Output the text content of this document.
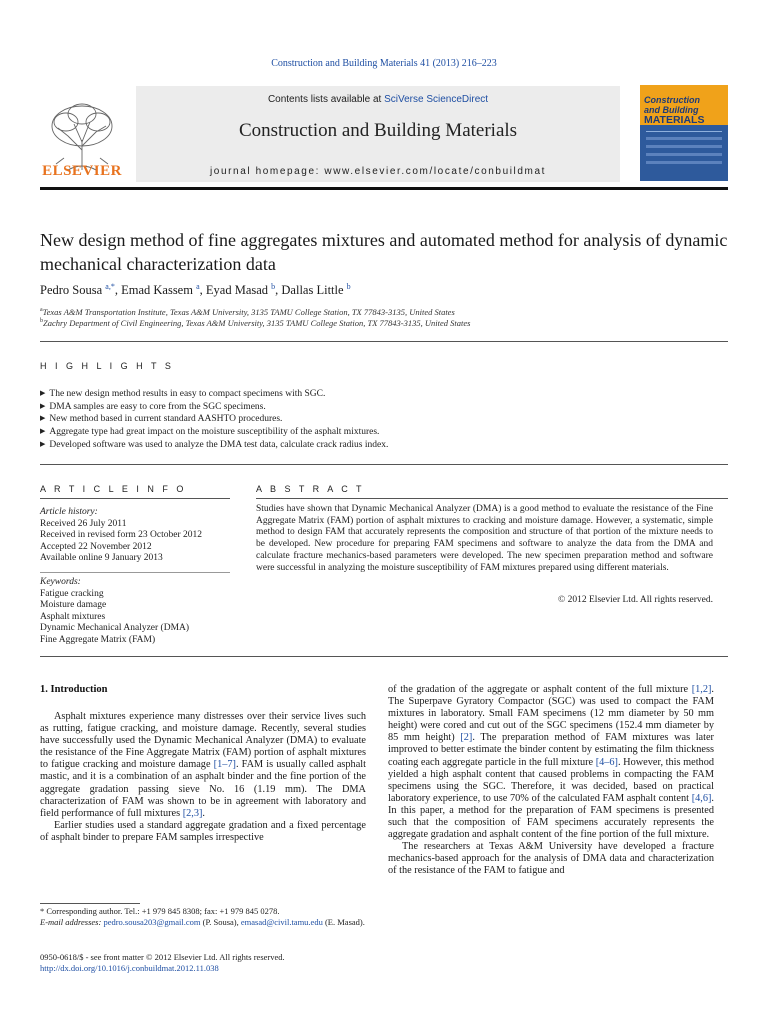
Construction and Building Materials 41 (2013) 216–223
Contents lists available at SciVerse ScienceDirect
Construction and Building Materials
journal homepage: www.elsevier.com/locate/conbuildmat
ELSEVIER
Construction
and Building
MATERIALS
New design method of fine aggregates mixtures and automated method for analysis of dynamic mechanical characterization data
Pedro Sousa $^{a,*}$, Emad Kassem $^a$, Eyad Masad $^b$, Dallas Little $^b$
$^a$Texas A&M Transportation Institute, Texas A&M University, 3135 TAMU College Station, TX 77843-3135, United States
$^b$Zachry Department of Civil Engineering, Texas A&M University, 3135 TAMU College Station, TX 77843-3135, United States
H I G H L I G H T S
▶ The new design method results in easy to compact specimens with SGC.
▶ DMA samples are easy to core from the SGC specimens.
▶ New method based in current standard AASHTO procedures.
▶ Aggregate type had great impact on the moisture susceptibility of the asphalt mixtures.
▶ Developed software was used to analyze the DMA test data, calculate crack radius index.
A R T I C L E I N F O	A B S T R A C T
Article history:
Received 26 July 2011
Received in revised form 23 October 2012
Accepted 22 November 2012
Available online 9 January 2013
Keywords:
Fatigue cracking
Moisture damage
Asphalt mixtures
Dynamic Mechanical Analyzer (DMA)
Fine Aggregate Matrix (FAM)
Studies have shown that Dynamic Mechanical Analyzer (DMA) is a good method to evaluate the resistance of the Fine Aggregate Matrix (FAM) portion of asphalt mixtures to cracking and moisture damage. However, a systematic, simple method to design FAM that accurately represents the composition and structure of that portion of the mixture needs to be developed. New procedure for preparing FAM specimens and software to analyze the data from the DMA and calculate fracture mechanics-based parameters were developed. The new specimen preparation method and software were successful in analyzing the moisture susceptibility of FAM mixtures prepared using different materials.
© 2012 Elsevier Ltd. All rights reserved.
1. Introduction

Asphalt mixtures experience many distresses over their service lives such as rutting, fatigue cracking, and moisture damage. Recently, several studies have successfully used the Dynamic Mechanical Analyzer (DMA) to evaluate the resistance of the Fine Aggregate Matrix (FAM) portion of asphalt mixtures to fatigue cracking and moisture damage [1–7]. FAM is usually called asphalt mastic, and it is a combination of an asphalt binder and the fine portion of the aggregate gradation passing sieve No. 16 (1.19 mm). The DMA characterization of FAM was shown to be in agreement with laboratory and field performance of full mixtures [2,3].

Earlier studies used a standard aggregate gradation and a fixed percentage of asphalt binder to prepare FAM samples irrespective

of the gradation of the aggregate or asphalt content of the full mixture [1,2]. The Superpave Gyratory Compactor (SGC) was used to compact the FAM mixtures in laboratory. Small FAM specimens (12 mm diameter by 50 mm height) were cored and cut out of the SGC specimens (152.4 mm diameter by 85 mm height) [2]. The preparation method of FAM mixtures was later improved to better estimate the binder content by estimating the film thickness coating each aggregate particle in the full mixture [4–6]. However, this method yielded a high asphalt content that caused problems in compacting the FAM specimens using the SGC. Therefore, it was decided, based on practical laboratory experience, to use 70% of the calculated FAM asphalt content [4,6]. In this paper, a method for the preparation of FAM specimens is presented such that the composition of FAM specimens accurately represents the aggregate gradation and asphalt content of the fine portion of the full mixture.

The researchers at Texas A&M University have developed a fracture mechanics-based approach for the analysis of DMA data and characterization of the resistance of the FAM to fatigue and

* Corresponding author. Tel.: +1 979 845 8308; fax: +1 979 845 0278.
E-mail addresses: pedro.sousa203@gmail.com (P. Sousa), emasad@civil.tamu.edu (E. Masad).
0950-0618/$ - see front matter © 2012 Elsevier Ltd. All rights reserved.
http://dx.doi.org/10.1016/j.conbuildmat.2012.11.038
